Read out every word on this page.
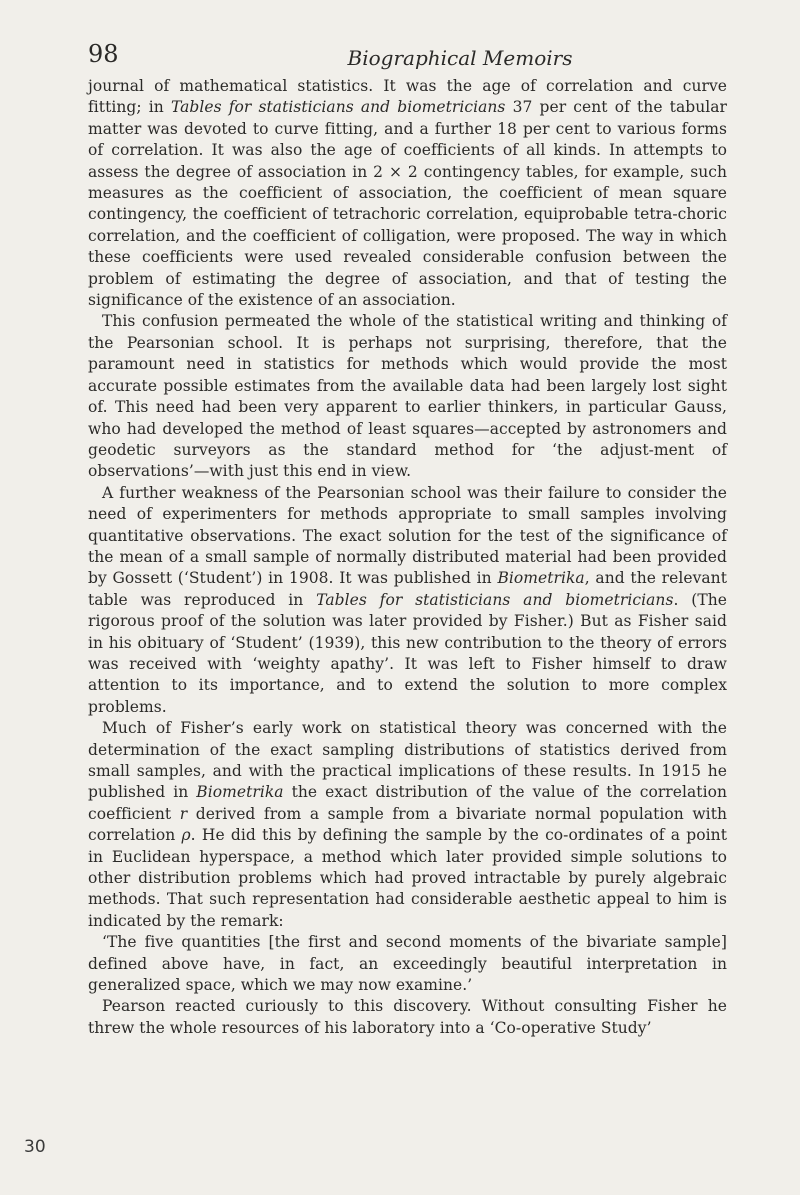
98	Biographical Memoirs

journal of mathematical statistics. It was the age of correlation and curve fitting; in Tables for statisticians and biometricians 37 per cent of the tabular matter was devoted to curve fitting, and a further 18 per cent to various forms of correlation. It was also the age of coefficients of all kinds. In attempts to assess the degree of association in 2 × 2 contingency tables, for example, such measures as the coefficient of association, the coefficient of mean square contingency, the coefficient of tetrachoric correlation, equiprobable tetra-choric correlation, and the coefficient of colligation, were proposed. The way in which these coefficients were used revealed considerable confusion between the problem of estimating the degree of association, and that of testing the significance of the existence of an association.

This confusion permeated the whole of the statistical writing and thinking of the Pearsonian school. It is perhaps not surprising, therefore, that the paramount need in statistics for methods which would provide the most accurate possible estimates from the available data had been largely lost sight of. This need had been very apparent to earlier thinkers, in particular Gauss, who had developed the method of least squares—accepted by astronomers and geodetic surveyors as the standard method for ‘the adjust-ment of observations’—with just this end in view.

A further weakness of the Pearsonian school was their failure to consider the need of experimenters for methods appropriate to small samples involving quantitative observations. The exact solution for the test of the significance of the mean of a small sample of normally distributed material had been provided by Gossett (‘Student’) in 1908. It was published in Biometrika, and the relevant table was reproduced in Tables for statisticians and biometricians. (The rigorous proof of the solution was later provided by Fisher.) But as Fisher said in his obituary of ‘Student’ (1939), this new contribution to the theory of errors was received with ‘weighty apathy’. It was left to Fisher himself to draw attention to its importance, and to extend the solution to more complex problems.

Much of Fisher’s early work on statistical theory was concerned with the determination of the exact sampling distributions of statistics derived from small samples, and with the practical implications of these results. In 1915 he published in Biometrika the exact distribution of the value of the correlation coefficient r derived from a sample from a bivariate normal population with correlation ρ. He did this by defining the sample by the co-ordinates of a point in Euclidean hyperspace, a method which later provided simple solutions to other distribution problems which had proved intractable by purely algebraic methods. That such representation had considerable aesthetic appeal to him is indicated by the remark:

‘The five quantities [the first and second moments of the bivariate sample] defined above have, in fact, an exceedingly beautiful interpretation in generalized space, which we may now examine.’

Pearson reacted curiously to this discovery. Without consulting Fisher he threw the whole resources of his laboratory into a ‘Co-operative Study’

30
